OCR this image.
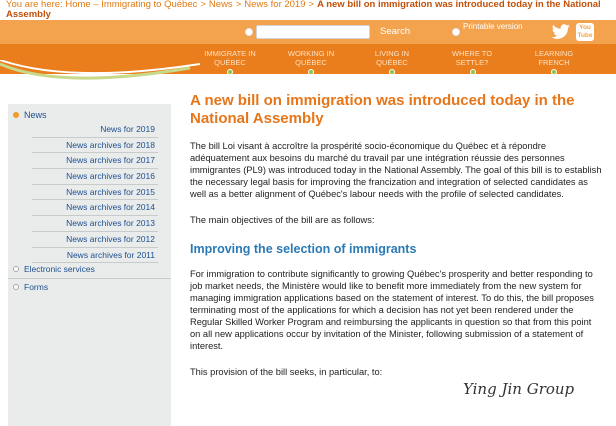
You are here: Home – Immigrating to Québec > News > News for 2019 > A new bill on immigration was introduced today in the National Assembly
Search	Printable version	You Tube
IMMIGRATE IN QUÉBEC
WORKING IN QUÉBEC
LIVING IN QUÉBEC
WHERE TO SETTLE?
LEARNING FRENCH
News
News for 2019
News archives for 2018
News archives for 2017
News archives for 2016
News archives for 2015
News archives for 2014
News archives for 2013
News archives for 2012
News archives for 2011
Electronic services
Forms
A new bill on immigration was introduced today in the National Assembly

The bill Loi visant à accroître la prospérité socio-économique du Québec et à répondre adéquatement aux besoins du marché du travail par une intégration réussie des personnes immigrantes (PL9) was introduced today in the National Assembly. The goal of this bill is to establish the necessary legal basis for improving the francization and integration of selected candidates as well as a better alignment of Québec's labour needs with the profile of selected candidates.

The main objectives of the bill are as follows:

Improving the selection of immigrants

For immigration to contribute significantly to growing Québec's prosperity and better responding to job market needs, the Ministère would like to benefit more immediately from the new system for managing immigration applications based on the statement of interest. To do this, the bill proposes terminating most of the applications for which a decision has not yet been rendered under the Regular Skilled Worker Program and reimbursing the applicants in question so that from this point on all new applications occur by invitation of the Minister, following submission of a statement of interest.

This provision of the bill seeks, in particular, to:

Ying Jin Group
